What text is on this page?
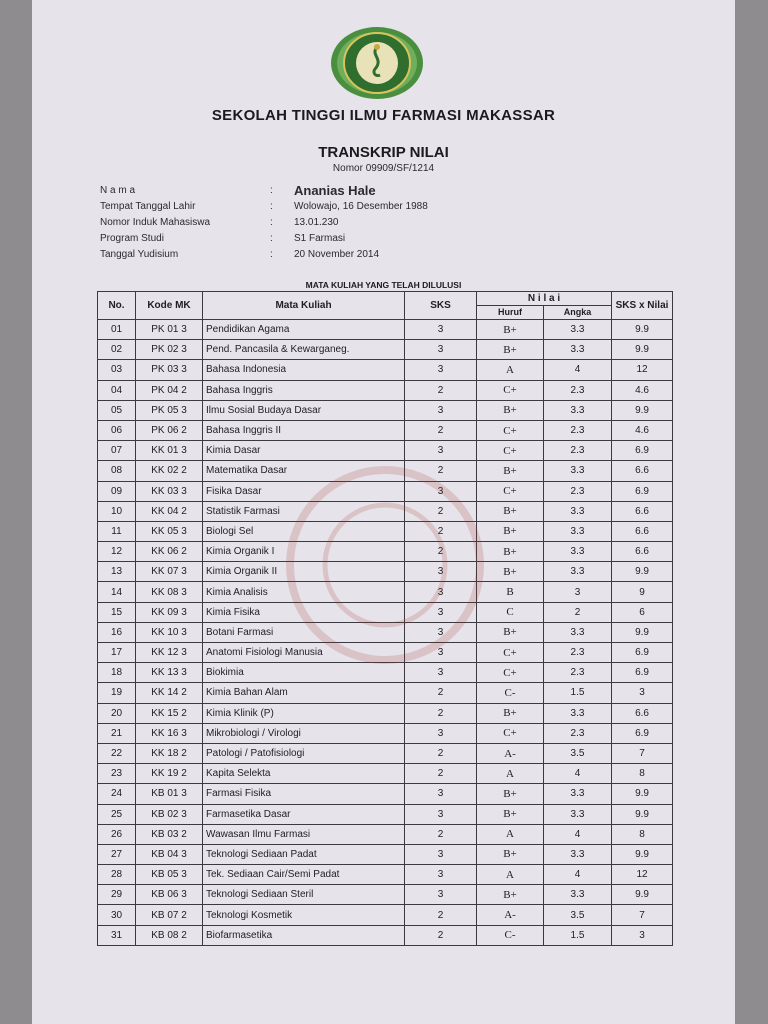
SEKOLAH TINGGI ILMU FARMASI MAKASSAR
TRANSKRIP NILAI
Nomor 09909/SF/1214
N a m a	: Ananias Hale
Tempat Tanggal Lahir	: Wolowajo, 16 Desember 1988
Nomor Induk Mahasiswa	: 13.01.230
Program Studi	: S1 Farmasi
Tanggal Yudisium	: 20 November 2014
MATA KULIAH YANG TELAH DILULUSI
No.	Kode MK	Mata Kuliah	SKS	N i l a i		SKS x Nilai
				Huruf	Angka	
01	PK 01 3	Pendidikan Agama	3	B+	3.3	9.9
02	PK 02 3	Pend. Pancasila & Kewarganeg.	3	B+	3.3	9.9
03	PK 03 3	Bahasa Indonesia	3	A	4	12
04	PK 04 2	Bahasa Inggris	2	C+	2.3	4.6
05	PK 05 3	Ilmu Sosial Budaya Dasar	3	B+	3.3	9.9
06	PK 06 2	Bahasa Inggris II	2	C+	2.3	4.6
07	KK 01 3	Kimia Dasar	3	C+	2.3	6.9
08	KK 02 2	Matematika Dasar	2	B+	3.3	6.6
09	KK 03 3	Fisika Dasar	3	C+	2.3	6.9
10	KK 04 2	Statistik Farmasi	2	B+	3.3	6.6
11	KK 05 3	Biologi Sel	2	B+	3.3	6.6
12	KK 06 2	Kimia Organik I	2	B+	3.3	6.6
13	KK 07 3	Kimia Organik II	3	B+	3.3	9.9
14	KK 08 3	Kimia Analisis	3	B	3	9
15	KK 09 3	Kimia Fisika	3	C	2	6
16	KK 10 3	Botani Farmasi	3	B+	3.3	9.9
17	KK 12 3	Anatomi Fisiologi Manusia	3	C+	2.3	6.9
18	KK 13 3	Biokimia	3	C+	2.3	6.9
19	KK 14 2	Kimia Bahan Alam	2	C-	1.5	3
20	KK 15 2	Kimia Klinik (P)	2	B+	3.3	6.6
21	KK 16 3	Mikrobiologi / Virologi	3	C+	2.3	6.9
22	KK 18 2	Patologi / Patofisiologi	2	A-	3.5	7
23	KK 19 2	Kapita Selekta	2	A	4	8
24	KB 01 3	Farmasi Fisika	3	B+	3.3	9.9
25	KB 02 3	Farmasetika Dasar	3	B+	3.3	9.9
26	KB 03 2	Wawasan Ilmu Farmasi	2	A	4	8
27	KB 04 3	Teknologi Sediaan Padat	3	B+	3.3	9.9
28	KB 05 3	Tek. Sediaan Cair/Semi Padat	3	A	4	12
29	KB 06 3	Teknologi Sediaan Steril	3	B+	3.3	9.9
30	KB 07 2	Teknologi Kosmetik	2	A-	3.5	7
31	KB 08 2	Biofarmasetika	2	C-	1.5	3
